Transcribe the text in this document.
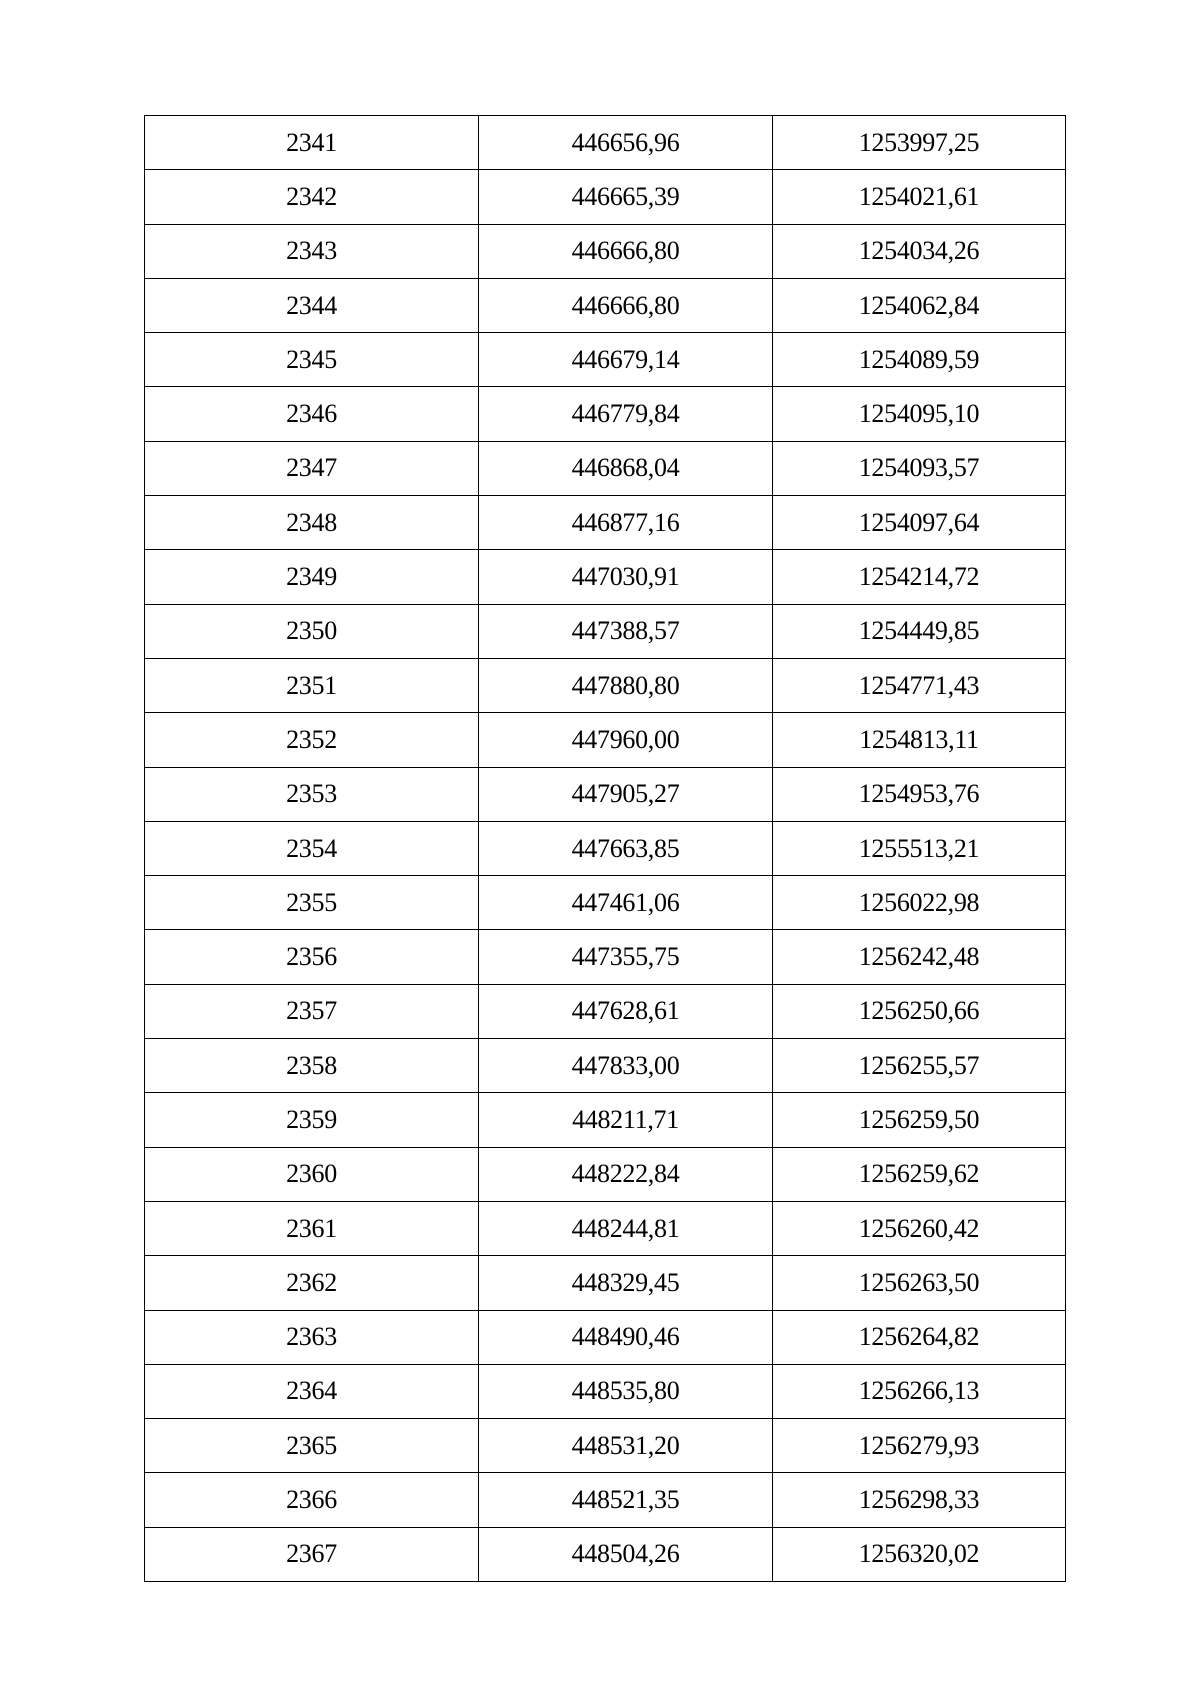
2341	446656,96	1253997,25
2342	446665,39	1254021,61
2343	446666,80	1254034,26
2344	446666,80	1254062,84
2345	446679,14	1254089,59
2346	446779,84	1254095,10
2347	446868,04	1254093,57
2348	446877,16	1254097,64
2349	447030,91	1254214,72
2350	447388,57	1254449,85
2351	447880,80	1254771,43
2352	447960,00	1254813,11
2353	447905,27	1254953,76
2354	447663,85	1255513,21
2355	447461,06	1256022,98
2356	447355,75	1256242,48
2357	447628,61	1256250,66
2358	447833,00	1256255,57
2359	448211,71	1256259,50
2360	448222,84	1256259,62
2361	448244,81	1256260,42
2362	448329,45	1256263,50
2363	448490,46	1256264,82
2364	448535,80	1256266,13
2365	448531,20	1256279,93
2366	448521,35	1256298,33
2367	448504,26	1256320,02
